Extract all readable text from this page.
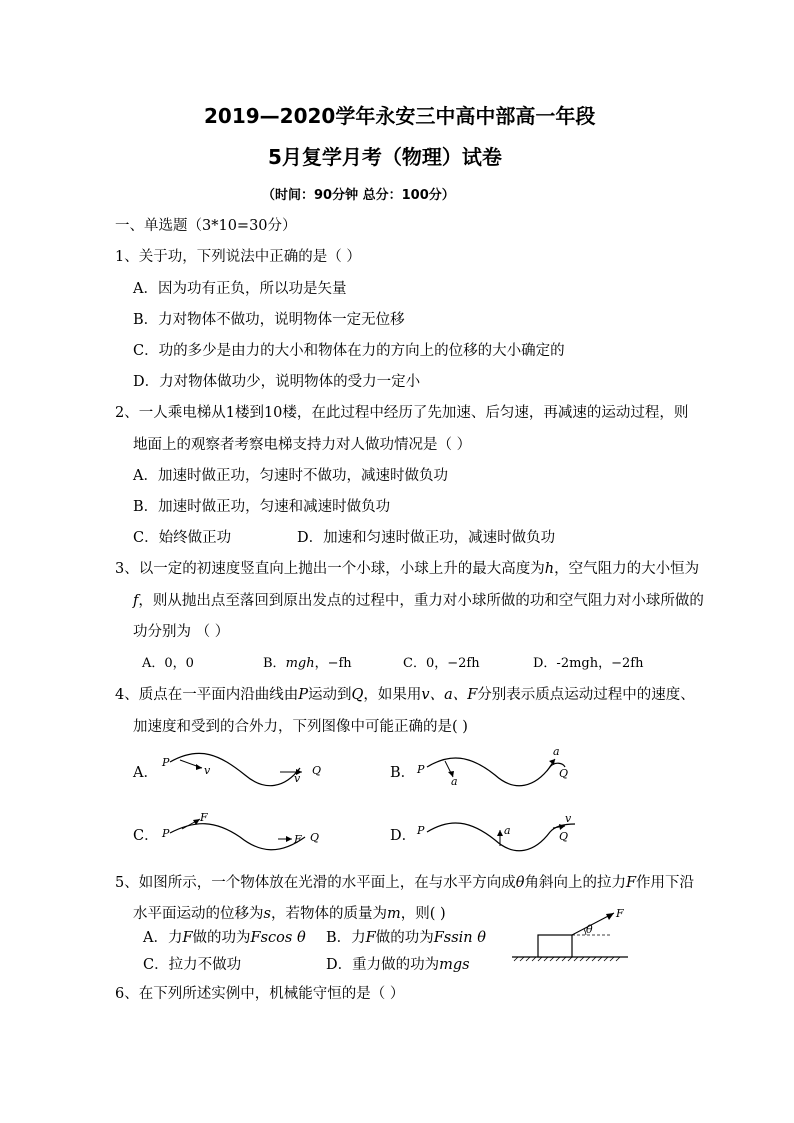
2019—2020学年永安三中高中部高一年段
5月复学月考（物理）试卷
（时间：90分钟 总分：100分）
一、单选题（3*10=30分）
1、关于功，下列说法中正确的是（ ）
A．因为功有正负，所以功是矢量
B．力对物体不做功，说明物体一定无位移
C．功的多少是由力的大小和物体在力的方向上的位移的大小确定的
D．力对物体做功少，说明物体的受力一定小
2、一人乘电梯从1楼到10楼，在此过程中经历了先加速、后匀速，再减速的运动过程，则
地面上的观察者考察电梯支持力对人做功情况是（ ）
A．加速时做正功，匀速时不做功，减速时做负功
B．加速时做正功，匀速和减速时做负功
C．始终做正功	D．加速和匀速时做正功，减速时做负功
3、以一定的初速度竖直向上抛出一个小球，小球上升的最大高度为h，空气阻力的大小恒为
f，则从抛出点至落回到原出发点的过程中，重力对小球所做的功和空气阻力对小球所做的
功分别为 （ ）
A．0，0	B．mgh，−fh	C．0，−2fh	D．-2mgh，−2fh
4、质点在一平面内沿曲线由P运动到Q，如果用v、a、F分别表示质点运动过程中的速度、
加速度和受到的合外力，下列图像中可能正确的是( )
A．	B．
C．	D．
P
v
v
Q	P
a
a
Q
P
F
F Q
P	a
v
Q
5、如图所示，一个物体放在光滑的水平面上，在与水平方向成θ角斜向上的拉力F作用下沿
水平面运动的位移为s，若物体的质量为m，则( )
A．力F做的功为Fscos θ B．力F做的功为Fssin θ
C．拉力不做功	D．重力做的功为mgs
F
θ
6、在下列所述实例中，机械能守恒的是（ ）
